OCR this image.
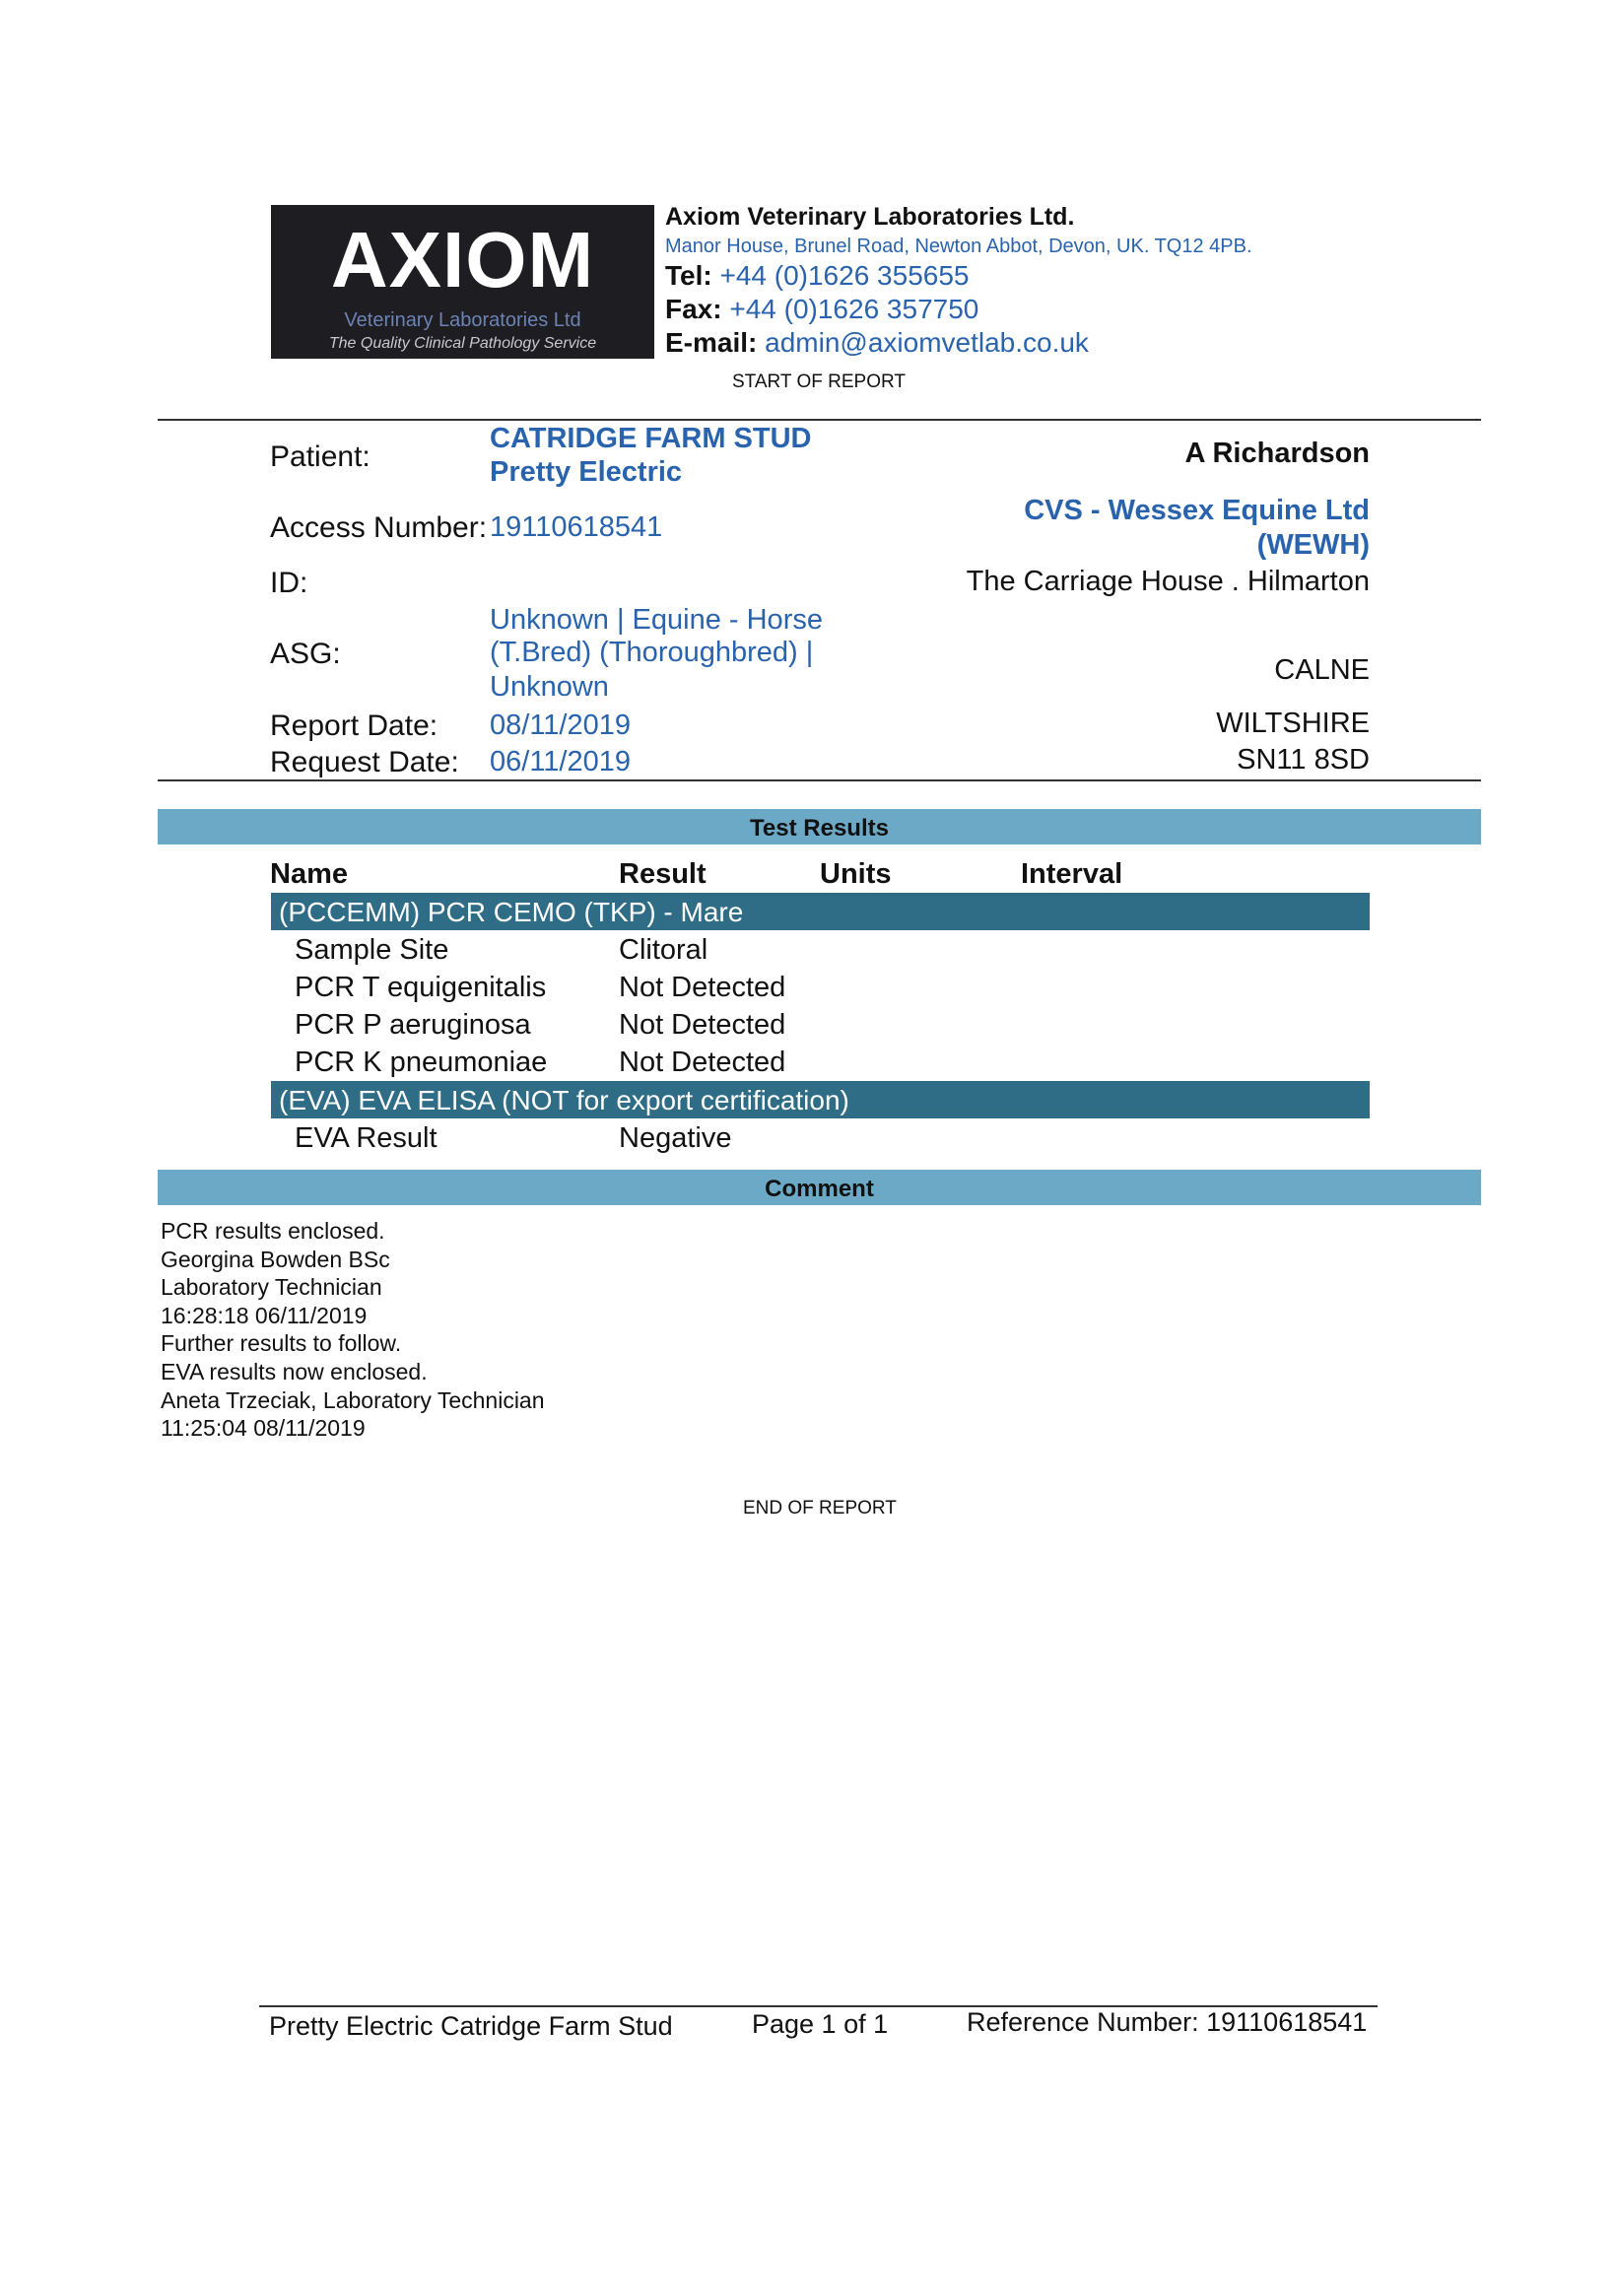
AXIOM
Veterinary Laboratories Ltd
The Quality Clinical Pathology Service
Axiom Veterinary Laboratories Ltd.
Manor House, Brunel Road, Newton Abbot, Devon, UK. TQ12 4PB.
Tel: +44 (0)1626 355655
Fax: +44 (0)1626 357750
E-mail: admin@axiomvetlab.co.uk
START OF REPORT
Patient:
CATRIDGE FARM STUD
Pretty Electric
Access Number: 19110618541
ID:
ASG:
Unknown | Equine - Horse
(T.Bred) (Thoroughbred) |
Unknown
Report Date: 08/11/2019
Request Date: 06/11/2019
A Richardson
CVS - Wessex Equine Ltd
(WEWH)
The Carriage House . Hilmarton
CALNE
WILTSHIRE
SN11 8SD
Test Results
Name	Result	Units	Interval
(PCCEMM) PCR CEMO (TKP) - Mare
Sample Site	Clitoral
PCR T equigenitalis	Not Detected
PCR P aeruginosa	Not Detected
PCR K pneumoniae	Not Detected
(EVA) EVA ELISA (NOT for export certification)
EVA Result	Negative
Comment
PCR results enclosed.
Georgina Bowden BSc
Laboratory Technician
16:28:18 06/11/2019
Further results to follow.
EVA results now enclosed.
Aneta Trzeciak, Laboratory Technician
11:25:04 08/11/2019
END OF REPORT
Pretty Electric Catridge Farm Stud	Page 1 of 1	Reference Number: 19110618541
